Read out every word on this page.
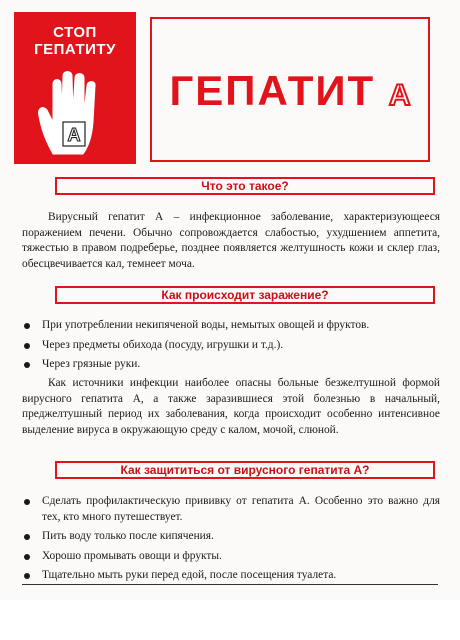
СТОП
ГЕПАТИТУ
А
ГЕПАТИТ А
Что это такое?

Вирусный гепатит А – инфекционное заболевание, характеризующееся поражением печени. Обычно сопровождается слабостью, ухудшением аппетита, тяжестью в правом подреберье, позднее появляется желтушность кожи и склер глаз, обесцвечивается кал, темнеет моча.

Как происходит заражение?
При употреблении некипяченой воды, немытых овощей и фруктов.
Через предметы обихода (посуду, игрушки и т.д.).
Через грязные руки.

Как источники инфекции наиболее опасны больные безжелтушной формой вирусного гепатита А, а также заразившиеся этой болезнью в начальный, преджелтушный период их заболевания, когда происходит особенно интенсивное выделение вируса в окружающую среду с калом, мочой, слюной.

Как защититься от вирусного гепатита А?
Сделать профилактическую прививку от гепатита А. Особенно это важно для тех, кто много путешествует.
Пить воду только после кипячения.
Хорошо промывать овощи и фрукты.
Тщательно мыть руки перед едой, после посещения туалета.
